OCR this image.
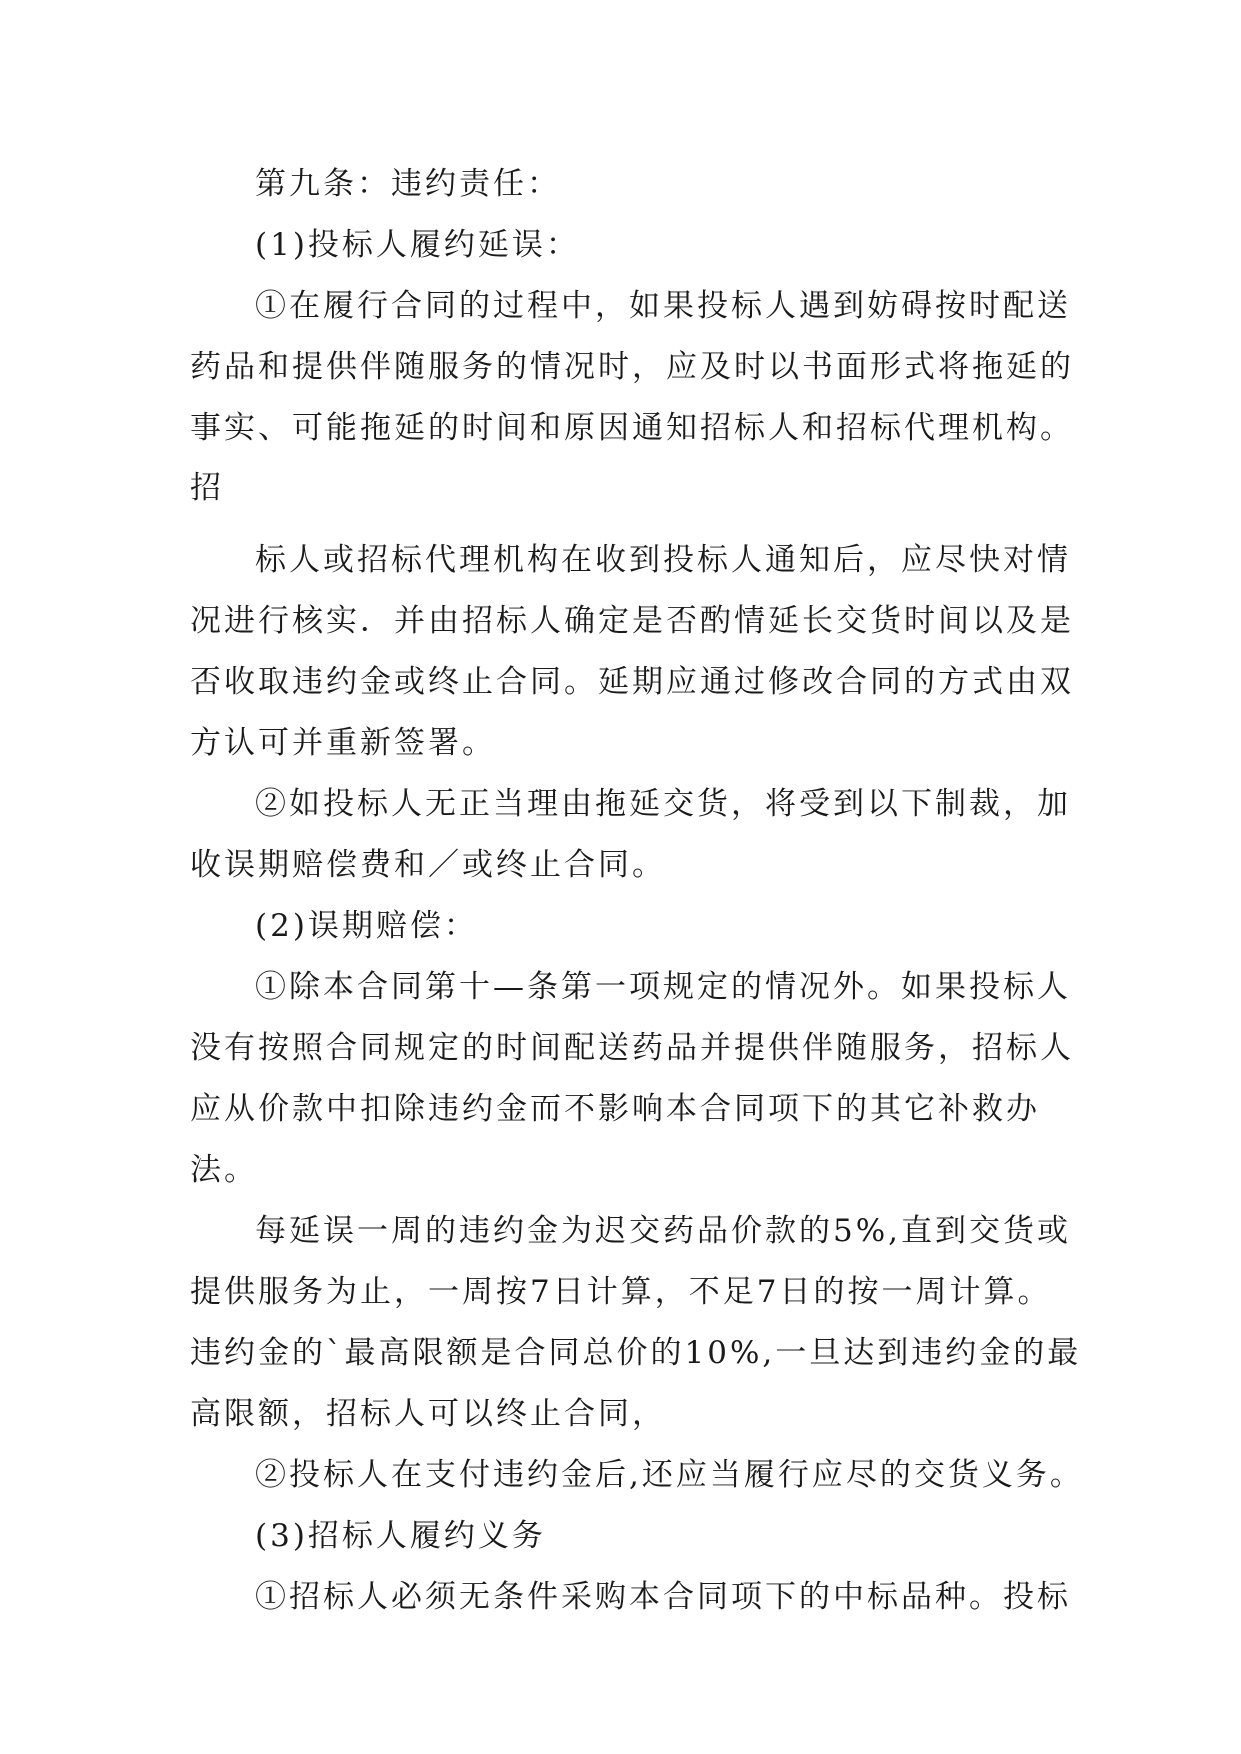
第九条：违约责任：
(1)投标人履约延误：
①在履行合同的过程中，如果投标人遇到妨碍按时配送
药品和提供伴随服务的情况时，应及时以书面形式将拖延的
事实、可能拖延的时间和原因通知招标人和招标代理机构。
招
标人或招标代理机构在收到投标人通知后，应尽快对情
况进行核实．并由招标人确定是否酌情延长交货时间以及是
否收取违约金或终止合同。延期应通过修改合同的方式由双
方认可并重新签署。
②如投标人无正当理由拖延交货，将受到以下制裁，加
收误期赔偿费和／或终止合同。
(2)误期赔偿：
①除本合同第十—条第一项规定的情况外。如果投标人
没有按照合同规定的时间配送药品并提供伴随服务，招标人
应从价款中扣除违约金而不影响本合同项下的其它补救办
法。
每延误一周的违约金为迟交药品价款的5%,直到交货或
提供服务为止，一周按7日计算，不足7日的按一周计算。
违约金的`最高限额是合同总价的10%,一旦达到违约金的最
高限额，招标人可以终止合同，
②投标人在支付违约金后,还应当履行应尽的交货义务。
(3)招标人履约义务
①招标人必须无条件采购本合同项下的中标品种。投标
